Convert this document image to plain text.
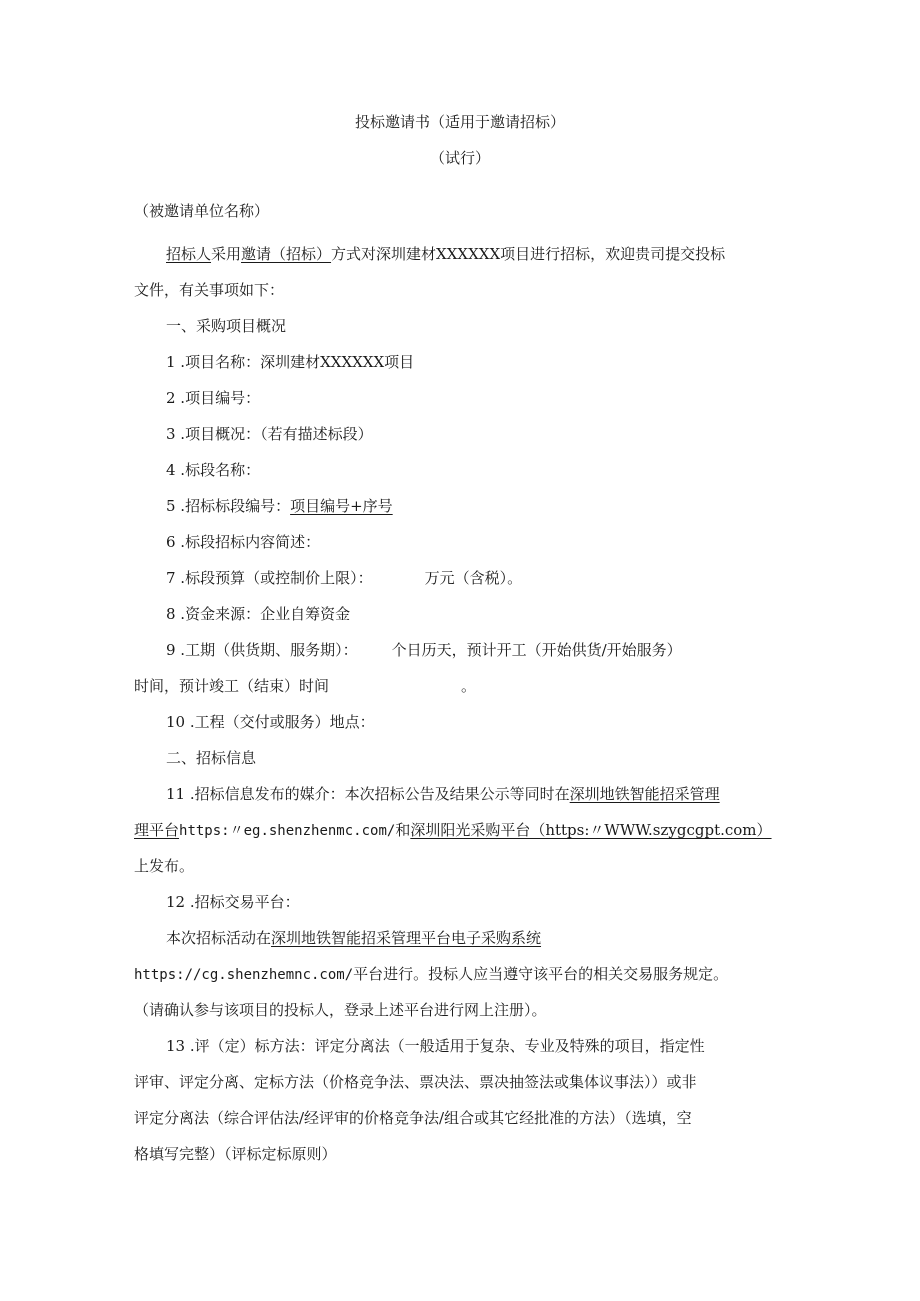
投标邀请书（适用于邀请招标）
（试行）
（被邀请单位名称）
招标人采用邀请（招标）方式对深圳建材XXXXXX项目进行招标，欢迎贵司提交投标
文件，有关事项如下：
一、采购项目概况
1 .项目名称：深圳建材XXXXXX项目
2 .项目编号：
3 .项目概况：（若有描述标段）
4 .标段名称：
5 .招标标段编号：项目编号+序号
6 .标段招标内容简述：
7 .标段预算（或控制价上限）：	万元（含税）。
8 .资金来源：企业自筹资金
9 .工期（供货期、服务期）： 个日历天，预计开工（开始供货/开始服务）
时间，预计竣工（结束）时间	。
10 .工程（交付或服务）地点：
二、招标信息
11 .招标信息发布的媒介：本次招标公告及结果公示等同时在深圳地铁智能招采管理
理平台https:〃eg.shenzhenmc.com/和深圳阳光采购平台（https:〃WWW.szygcgpt.com）
上发布。
12 .招标交易平台：
本次招标活动在深圳地铁智能招采管理平台电子采购系统
https://cg.shenzhemnc.com/平台进行。投标人应当遵守该平台的相关交易服务规定。
（请确认参与该项目的投标人，登录上述平台进行网上注册）。
13 .评（定）标方法：评定分离法（一般适用于复杂、专业及特殊的项目，指定性
评审、评定分离、定标方法（价格竞争法、票决法、票决抽签法或集体议事法））或非
评定分离法（综合评估法/经评审的价格竞争法/组合或其它经批准的方法）（选填，空
格填写完整）（评标定标原则）
